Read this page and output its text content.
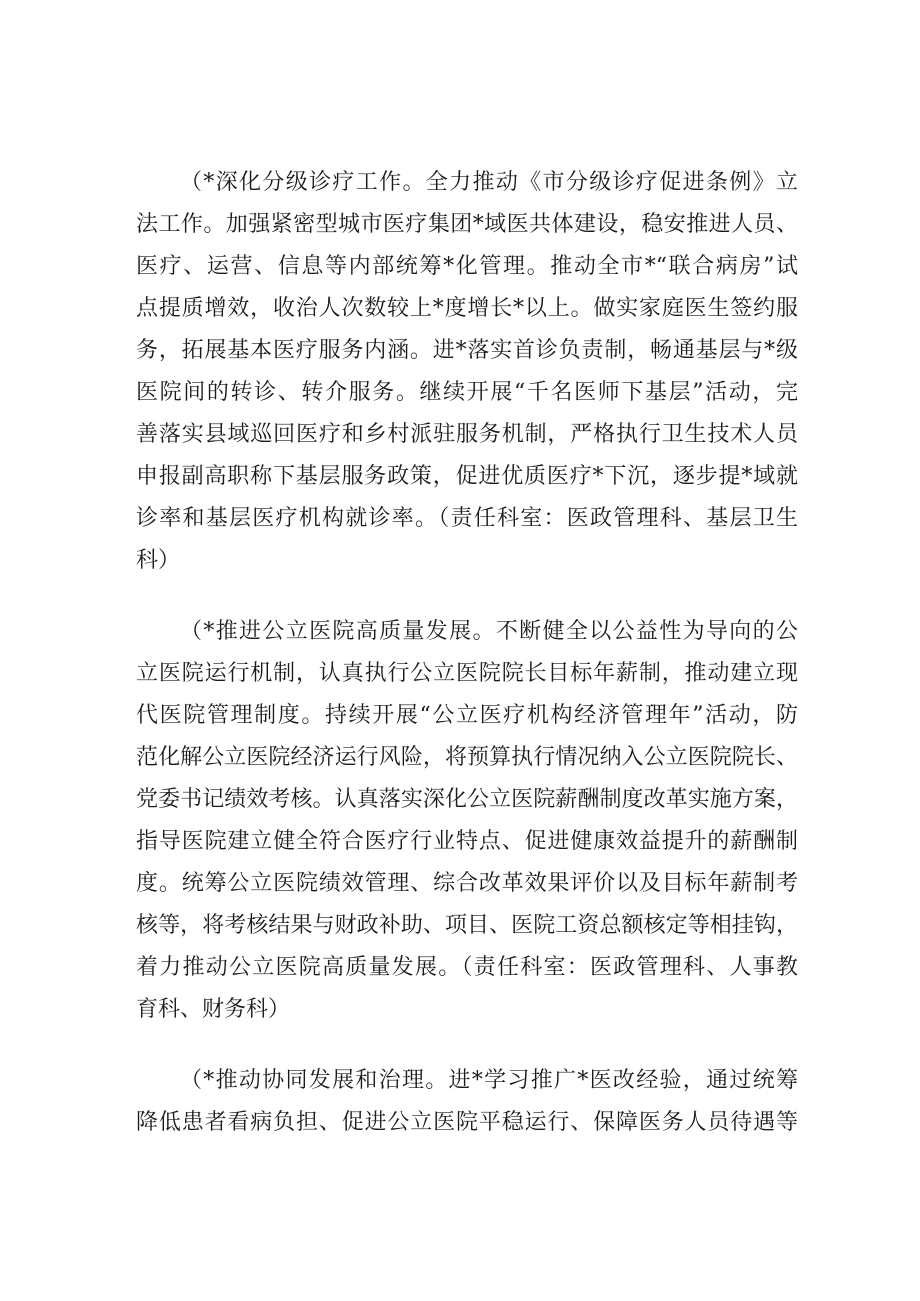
（*深化分级诊疗工作。全力推动《市分级诊疗促进条例》立
法工作。加强紧密型城市医疗集团*域医共体建设，稳安推进人员、
医疗、运营、信息等内部统筹*化管理。推动全市*“联合病房”试
点提质增效，收治人次数较上*度增长*以上。做实家庭医生签约服
务，拓展基本医疗服务内涵。进*落实首诊负责制，畅通基层与*级
医院间的转诊、转介服务。继续开展“千名医师下基层”活动，完
善落实县域巡回医疗和乡村派驻服务机制，严格执行卫生技术人员
申报副高职称下基层服务政策，促进优质医疗*下沉，逐步提*域就
诊率和基层医疗机构就诊率。（责任科室：医政管理科、基层卫生
科）
（*推进公立医院高质量发展。不断健全以公益性为导向的公
立医院运行机制，认真执行公立医院院长目标年薪制，推动建立现
代医院管理制度。持续开展“公立医疗机构经济管理年”活动，防
范化解公立医院经济运行风险，将预算执行情况纳入公立医院院长、
党委书记绩效考核。认真落实深化公立医院薪酬制度改革实施方案，
指导医院建立健全符合医疗行业特点、促进健康效益提升的薪酬制
度。统筹公立医院绩效管理、综合改革效果评价以及目标年薪制考
核等，将考核结果与财政补助、项目、医院工资总额核定等相挂钩，
着力推动公立医院高质量发展。（责任科室：医政管理科、人事教
育科、财务科）
（*推动协同发展和治理。进*学习推广*医改经验，通过统筹
降低患者看病负担、促进公立医院平稳运行、保障医务人员待遇等
